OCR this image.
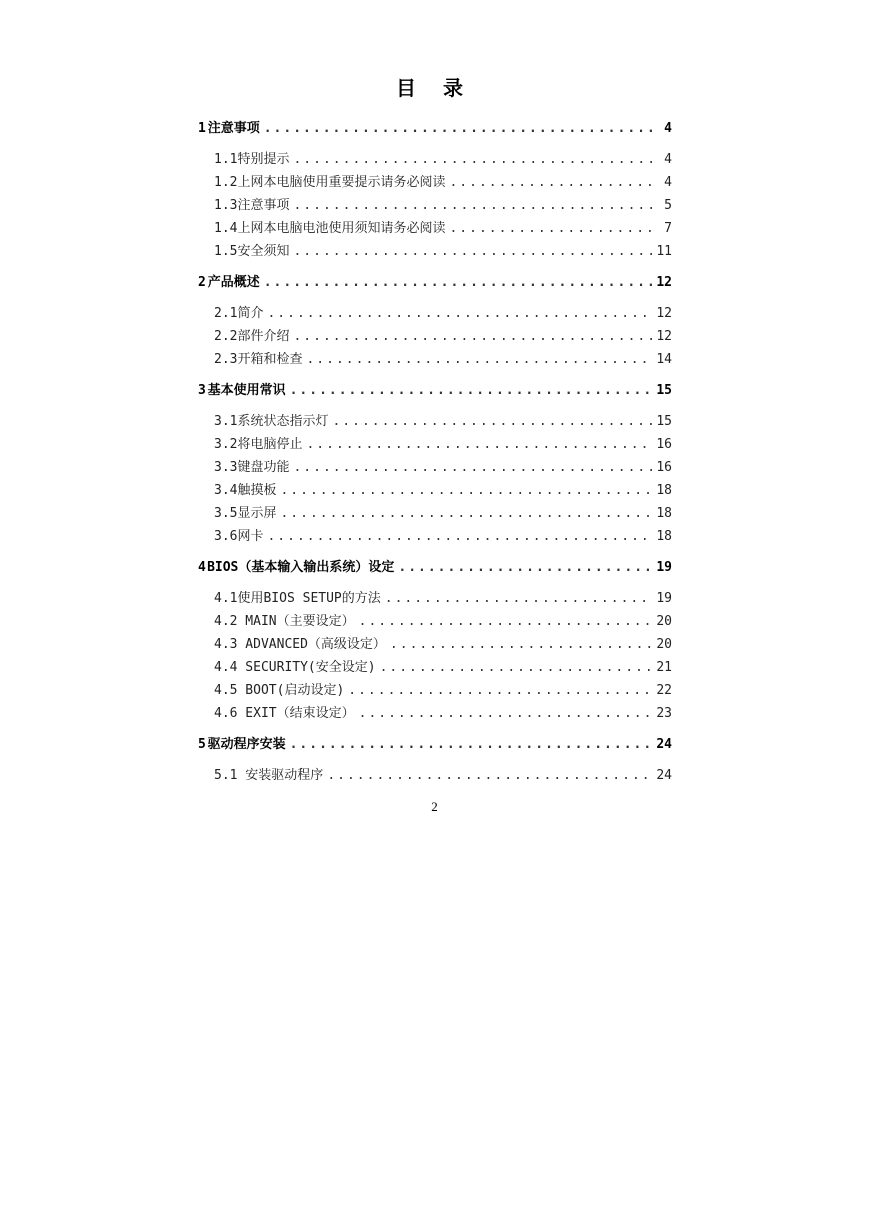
目 录
1 注意事项 .....	4
1.1特别提示 .....	4
1.2上网本电脑使用重要提示请务必阅读 .....	4
1.3注意事项 .....	5
1.4上网本电脑电池使用须知请务必阅读 .....	7
1.5安全须知 .....	11
2 产品概述 .....	12
2.1简介 .....	12
2.2部件介绍 .....	12
2.3开箱和检查 .....	14
3 基本使用常识 .....	15
3.1系统状态指示灯 .....	15
3.2将电脑停止 .....	16
3.3键盘功能 .....	16
3.4触摸板 .....	18
3.5显示屏 .....	18
3.6网卡 .....	18
4 BIOS（基本输入输出系统）设定 .....	19
4.1使用BIOS SETUP的方法 .....	19
4.2 MAIN（主要设定） .....	20
4.3 ADVANCED（高级设定） .....	20
4.4 SECURITY(安全设定) .....	21
4.5 BOOT(启动设定) .....	22
4.6 EXIT（结束设定） .....	23
5 驱动程序安装 .....	24
5.1 安装驱动程序 .....	24
2
